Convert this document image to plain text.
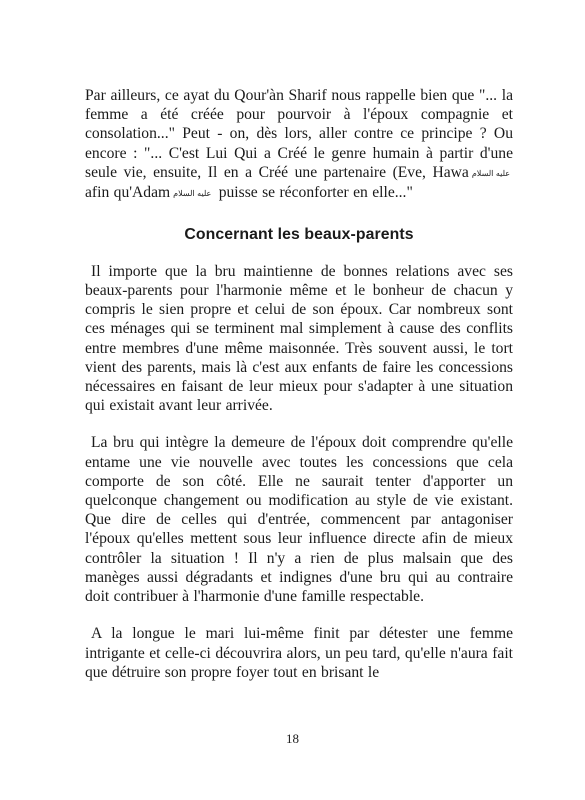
Par ailleurs, ce ayat du Qour'àn Sharif nous rappelle bien que "... la femme a été créée pour pourvoir à l'époux compagnie et consolation..." Peut - on, dès lors, aller contre ce principe ? Ou encore : "... C'est Lui Qui a Créé le genre humain à partir d'une seule vie, ensuite, Il en a Créé une partenaire (Eve, Hawa عليه السلام afin qu'Adam عليه السلام puisse se réconforter en elle..."

Concernant les beaux-parents

Il importe que la bru maintienne de bonnes relations avec ses beaux-parents pour l'harmonie même et le bonheur de chacun y compris le sien propre et celui de son époux. Car nombreux sont ces ménages qui se terminent mal simplement à cause des conflits entre membres d'une même maisonnée. Très souvent aussi, le tort vient des parents, mais là c'est aux enfants de faire les concessions nécessaires en faisant de leur mieux pour s'adapter à une situation qui existait avant leur arrivée.

La bru qui intègre la demeure de l'époux doit comprendre qu'elle entame une vie nouvelle avec toutes les concessions que cela comporte de son côté. Elle ne saurait tenter d'apporter un quelconque changement ou modification au style de vie existant. Que dire de celles qui d'entrée, commencent par antagoniser l'époux qu'elles mettent sous leur influence directe afin de mieux contrôler la situation ! Il n'y a rien de plus malsain que des manèges aussi dégradants et indignes d'une bru qui au contraire doit contribuer à l'harmonie d'une famille respectable.

A la longue le mari lui-même finit par détester une femme intrigante et celle-ci découvrira alors, un peu tard, qu'elle n'aura fait que détruire son propre foyer tout en brisant le

18
